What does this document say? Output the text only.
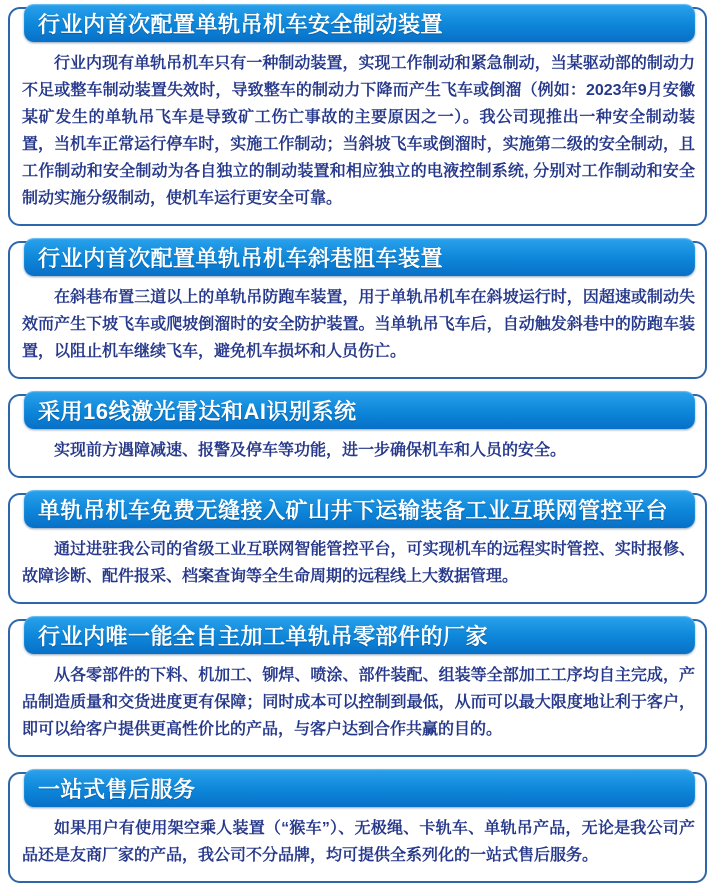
行业内首次配置单轨吊机车安全制动装置

行业内现有单轨吊机车只有一种制动装置，实现工作制动和紧急制动，当某驱动部的制动力不足或整车制动装置失效时，导致整车的制动力下降而产生飞车或倒溜（例如：2023年9月安徽某矿发生的单轨吊飞车是导致矿工伤亡事故的主要原因之一）。我公司现推出一种安全制动装置，当机车正常运行停车时，实施工作制动；当斜坡飞车或倒溜时，实施第二级的安全制动，且工作制动和安全制动为各自独立的制动装置和相应独立的电液控制系统, 分别对工作制动和安全制动实施分级制动，使机车运行更安全可靠。

行业内首次配置单轨吊机车斜巷阻车装置

在斜巷布置三道以上的单轨吊防跑车装置，用于单轨吊机车在斜坡运行时，因超速或制动失效而产生下坡飞车或爬坡倒溜时的安全防护装置。当单轨吊飞车后，自动触发斜巷中的防跑车装置，以阻止机车继续飞车，避免机车损坏和人员伤亡。

采用16线激光雷达和AI识别系统

实现前方遇障减速、报警及停车等功能，进一步确保机车和人员的安全。

单轨吊机车免费无缝接入矿山井下运输装备工业互联网管控平台

通过进驻我公司的省级工业互联网智能管控平台，可实现机车的远程实时管控、实时报修、故障诊断、配件报采、档案查询等全生命周期的远程线上大数据管理。

行业内唯一能全自主加工单轨吊零部件的厂家

从各零部件的下料、机加工、铆焊、喷涂、部件装配、组装等全部加工工序均自主完成，产品制造质量和交货进度更有保障；同时成本可以控制到最低，从而可以最大限度地让利于客户，即可以给客户提供更高性价比的产品，与客户达到合作共赢的目的。

一站式售后服务

如果用户有使用架空乘人装置（“猴车”）、无极绳、卡轨车、单轨吊产品，无论是我公司产品还是友商厂家的产品，我公司不分品牌，均可提供全系列化的一站式售后服务。
